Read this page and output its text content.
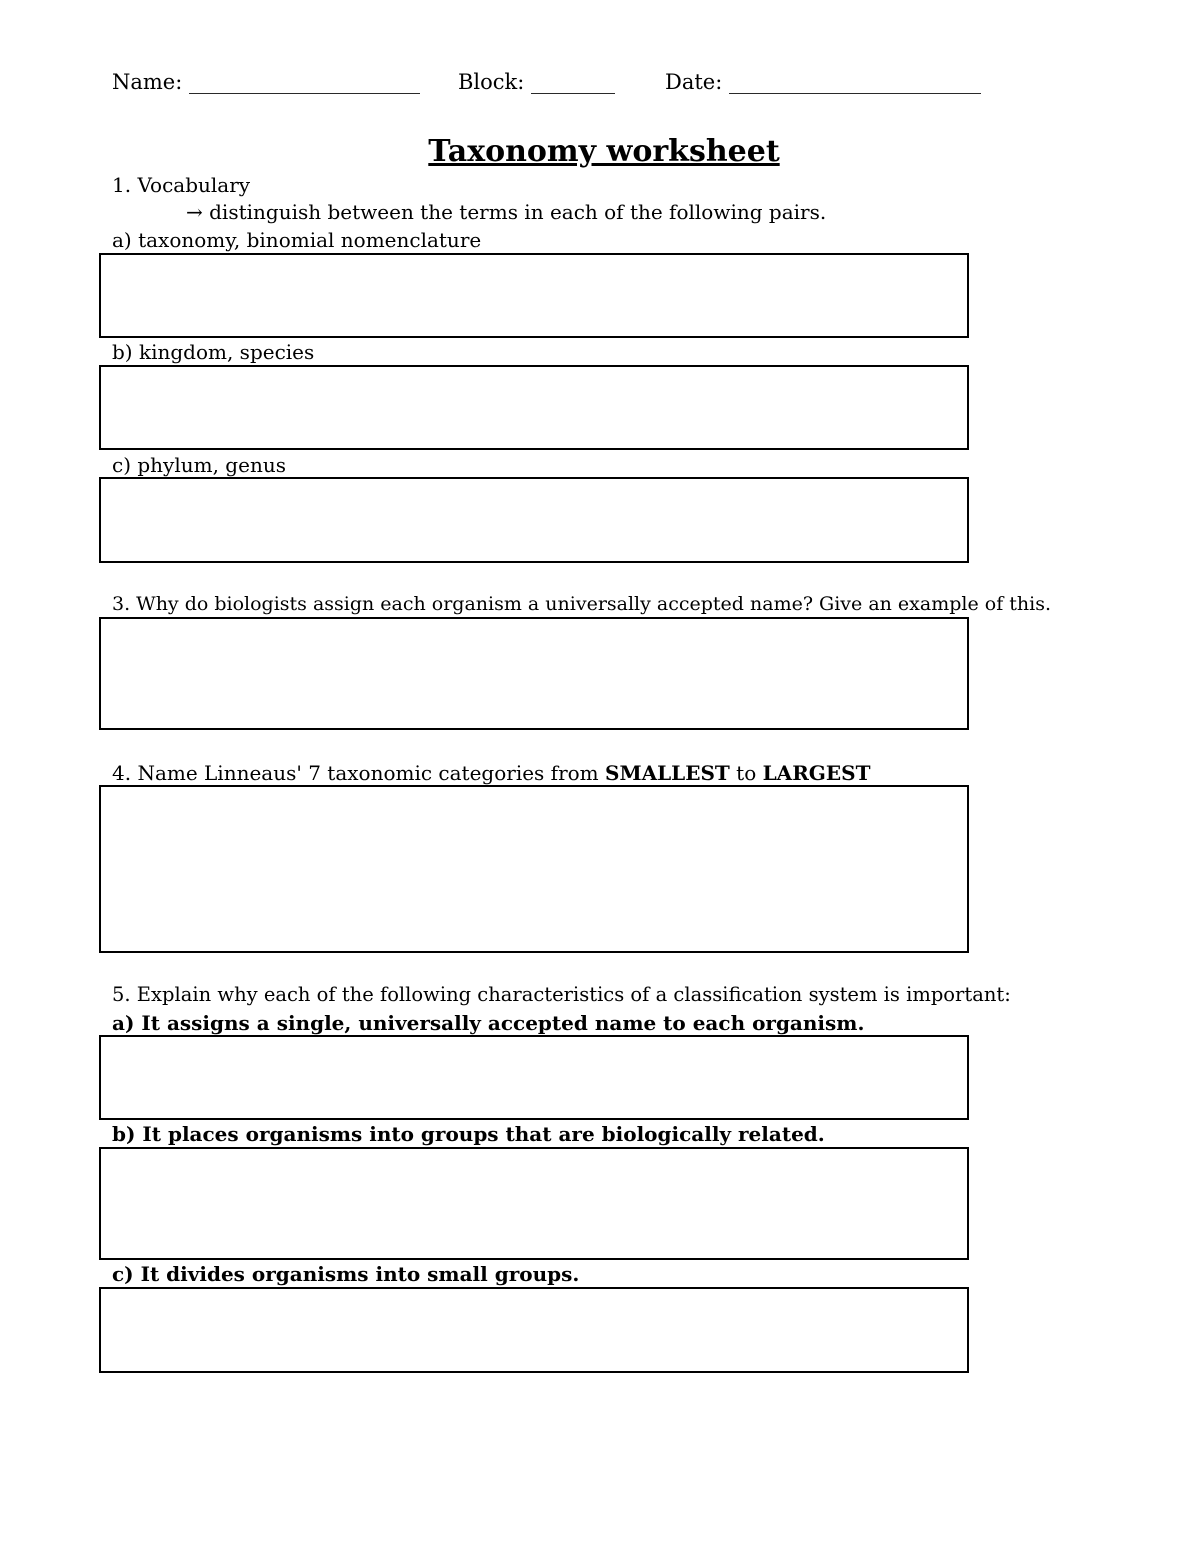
Name: ______________________ Block: ________ Date: ________________________
Taxonomy worksheet
1. Vocabulary
→ distinguish between the terms in each of the following pairs.
a) taxonomy, binomial nomenclature
b) kingdom, species
c) phylum, genus
3. Why do biologists assign each organism a universally accepted name? Give an example of this.
4. Name Linneaus' 7 taxonomic categories from SMALLEST to LARGEST
5. Explain why each of the following characteristics of a classification system is important:
a) It assigns a single, universally accepted name to each organism.
b) It places organisms into groups that are biologically related.
c) It divides organisms into small groups.
